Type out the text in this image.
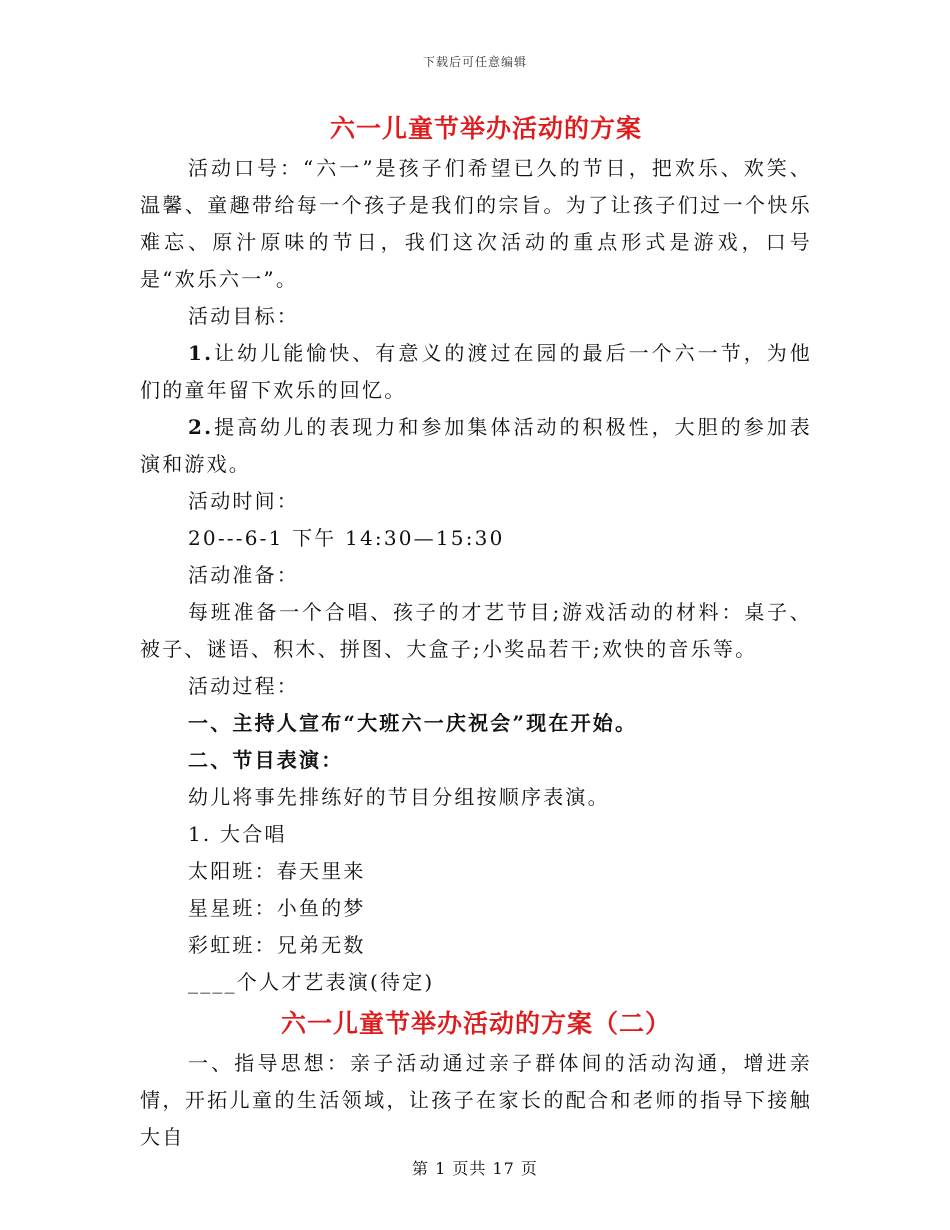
下载后可任意编辑
六一儿童节举办活动的方案

活动口号：“六一”是孩子们希望已久的节日，把欢乐、欢笑、温馨、童趣带给每一个孩子是我们的宗旨。为了让孩子们过一个快乐难忘、原汁原味的节日，我们这次活动的重点形式是游戏，口号是“欢乐六一”。

活动目标：

1.让幼儿能愉快、有意义的渡过在园的最后一个六一节，为他们的童年留下欢乐的回忆。

2.提高幼儿的表现力和参加集体活动的积极性，大胆的参加表演和游戏。

活动时间：

20---6-1 下午 14:30—15:30

活动准备：

每班准备一个合唱、孩子的才艺节目;游戏活动的材料：桌子、被子、谜语、积木、拼图、大盒子;小奖品若干;欢快的音乐等。

活动过程：

一、主持人宣布“大班六一庆祝会”现在开始。

二、节目表演：

幼儿将事先排练好的节目分组按顺序表演。

1. 大合唱

太阳班：春天里来

星星班：小鱼的梦

彩虹班：兄弟无数

____个人才艺表演(待定)

六一儿童节举办活动的方案（二）

一、指导思想：亲子活动通过亲子群体间的活动沟通，增进亲情，开拓儿童的生活领域，让孩子在家长的配合和老师的指导下接触大自

第 1 页共 17 页
